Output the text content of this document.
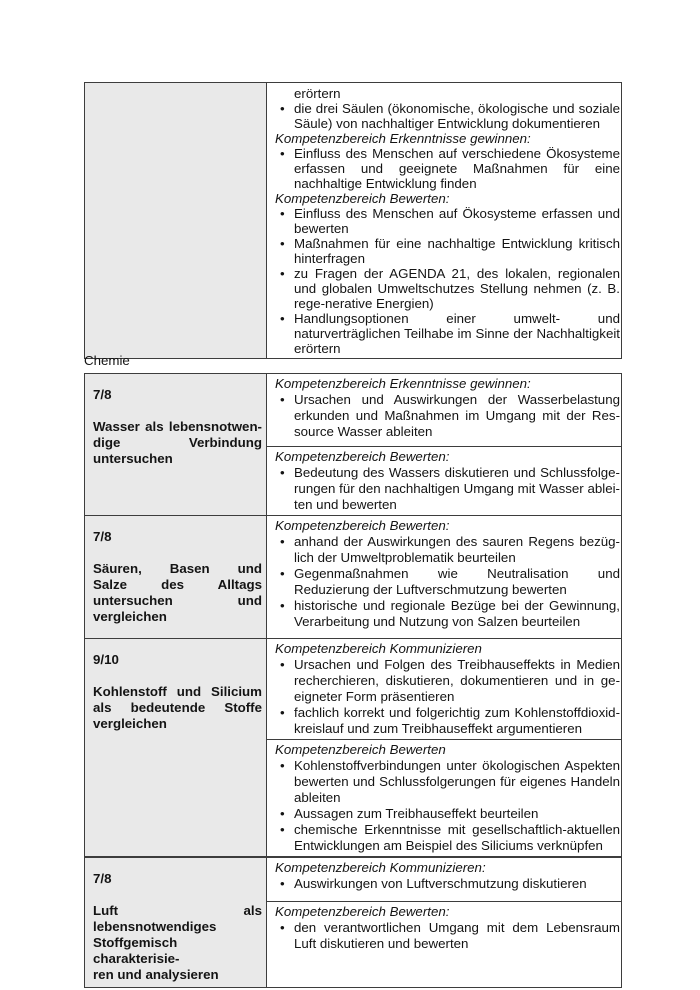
erörtern
• die drei Säulen (ökonomische, ökologische und soziale Säule) von nachhaltiger Entwicklung dokumentieren
Kompetenzbereich Erkenntnisse gewinnen:
• Einfluss des Menschen auf verschiedene Ökosysteme erfassen und geeignete Maßnahmen für eine nachhaltige Entwicklung finden
Kompetenzbereich Bewerten:
• Einfluss des Menschen auf Ökosysteme erfassen und bewerten
• Maßnahmen für eine nachhaltige Entwicklung kritisch hinterfragen
• zu Fragen der AGENDA 21, des lokalen, regionalen und globalen Umweltschutzes Stellung nehmen (z. B. rege-nerative Energien)
• Handlungsoptionen einer umwelt- und naturverträglichen Teilhabe im Sinne der Nachhaltigkeit erörtern
Chemie
7/8
Wasser als lebensnotwen-
dige Verbindung
untersuchen
Kompetenzbereich Erkenntnisse gewinnen:
• Ursachen und Auswirkungen der Wasserbelastung erkunden und Maßnahmen im Umgang mit der Res-source Wasser ableiten
Kompetenzbereich Bewerten:
• Bedeutung des Wassers diskutieren und Schlussfolge-rungen für den nachhaltigen Umgang mit Wasser ablei-ten und bewerten
7/8
Säuren, Basen und
Salze des Alltags
untersuchen und
vergleichen
Kompetenzbereich Bewerten:
• anhand der Auswirkungen des sauren Regens bezüg-lich der Umweltproblematik beurteilen
• Gegenmaßnahmen wie Neutralisation und Reduzierung der Luftverschmutzung bewerten
• historische und regionale Bezüge bei der Gewinnung, Verarbeitung und Nutzung von Salzen beurteilen
9/10
Kohlenstoff und Silicium
als bedeutende Stoffe
vergleichen
Kompetenzbereich Kommunizieren
• Ursachen und Folgen des Treibhauseffekts in Medien recherchieren, diskutieren, dokumentieren und in ge-eigneter Form präsentieren
• fachlich korrekt und folgerichtig zum Kohlenstoffdioxid-kreislauf und zum Treibhauseffekt argumentieren
Kompetenzbereich Bewerten
• Kohlenstoffverbindungen unter ökologischen Aspekten bewerten und Schlussfolgerungen für eigenes Handeln ableiten
• Aussagen zum Treibhauseffekt beurteilen
• chemische Erkenntnisse mit gesellschaftlich-aktuellen Entwicklungen am Beispiel des Siliciums verknüpfen
7/8
Luft als lebensnotwendiges
Stoffgemisch charakterisie-
ren und analysieren
Kompetenzbereich Kommunizieren:
• Auswirkungen von Luftverschmutzung diskutieren
Kompetenzbereich Bewerten:
• den verantwortlichen Umgang mit dem Lebensraum Luft diskutieren und bewerten
